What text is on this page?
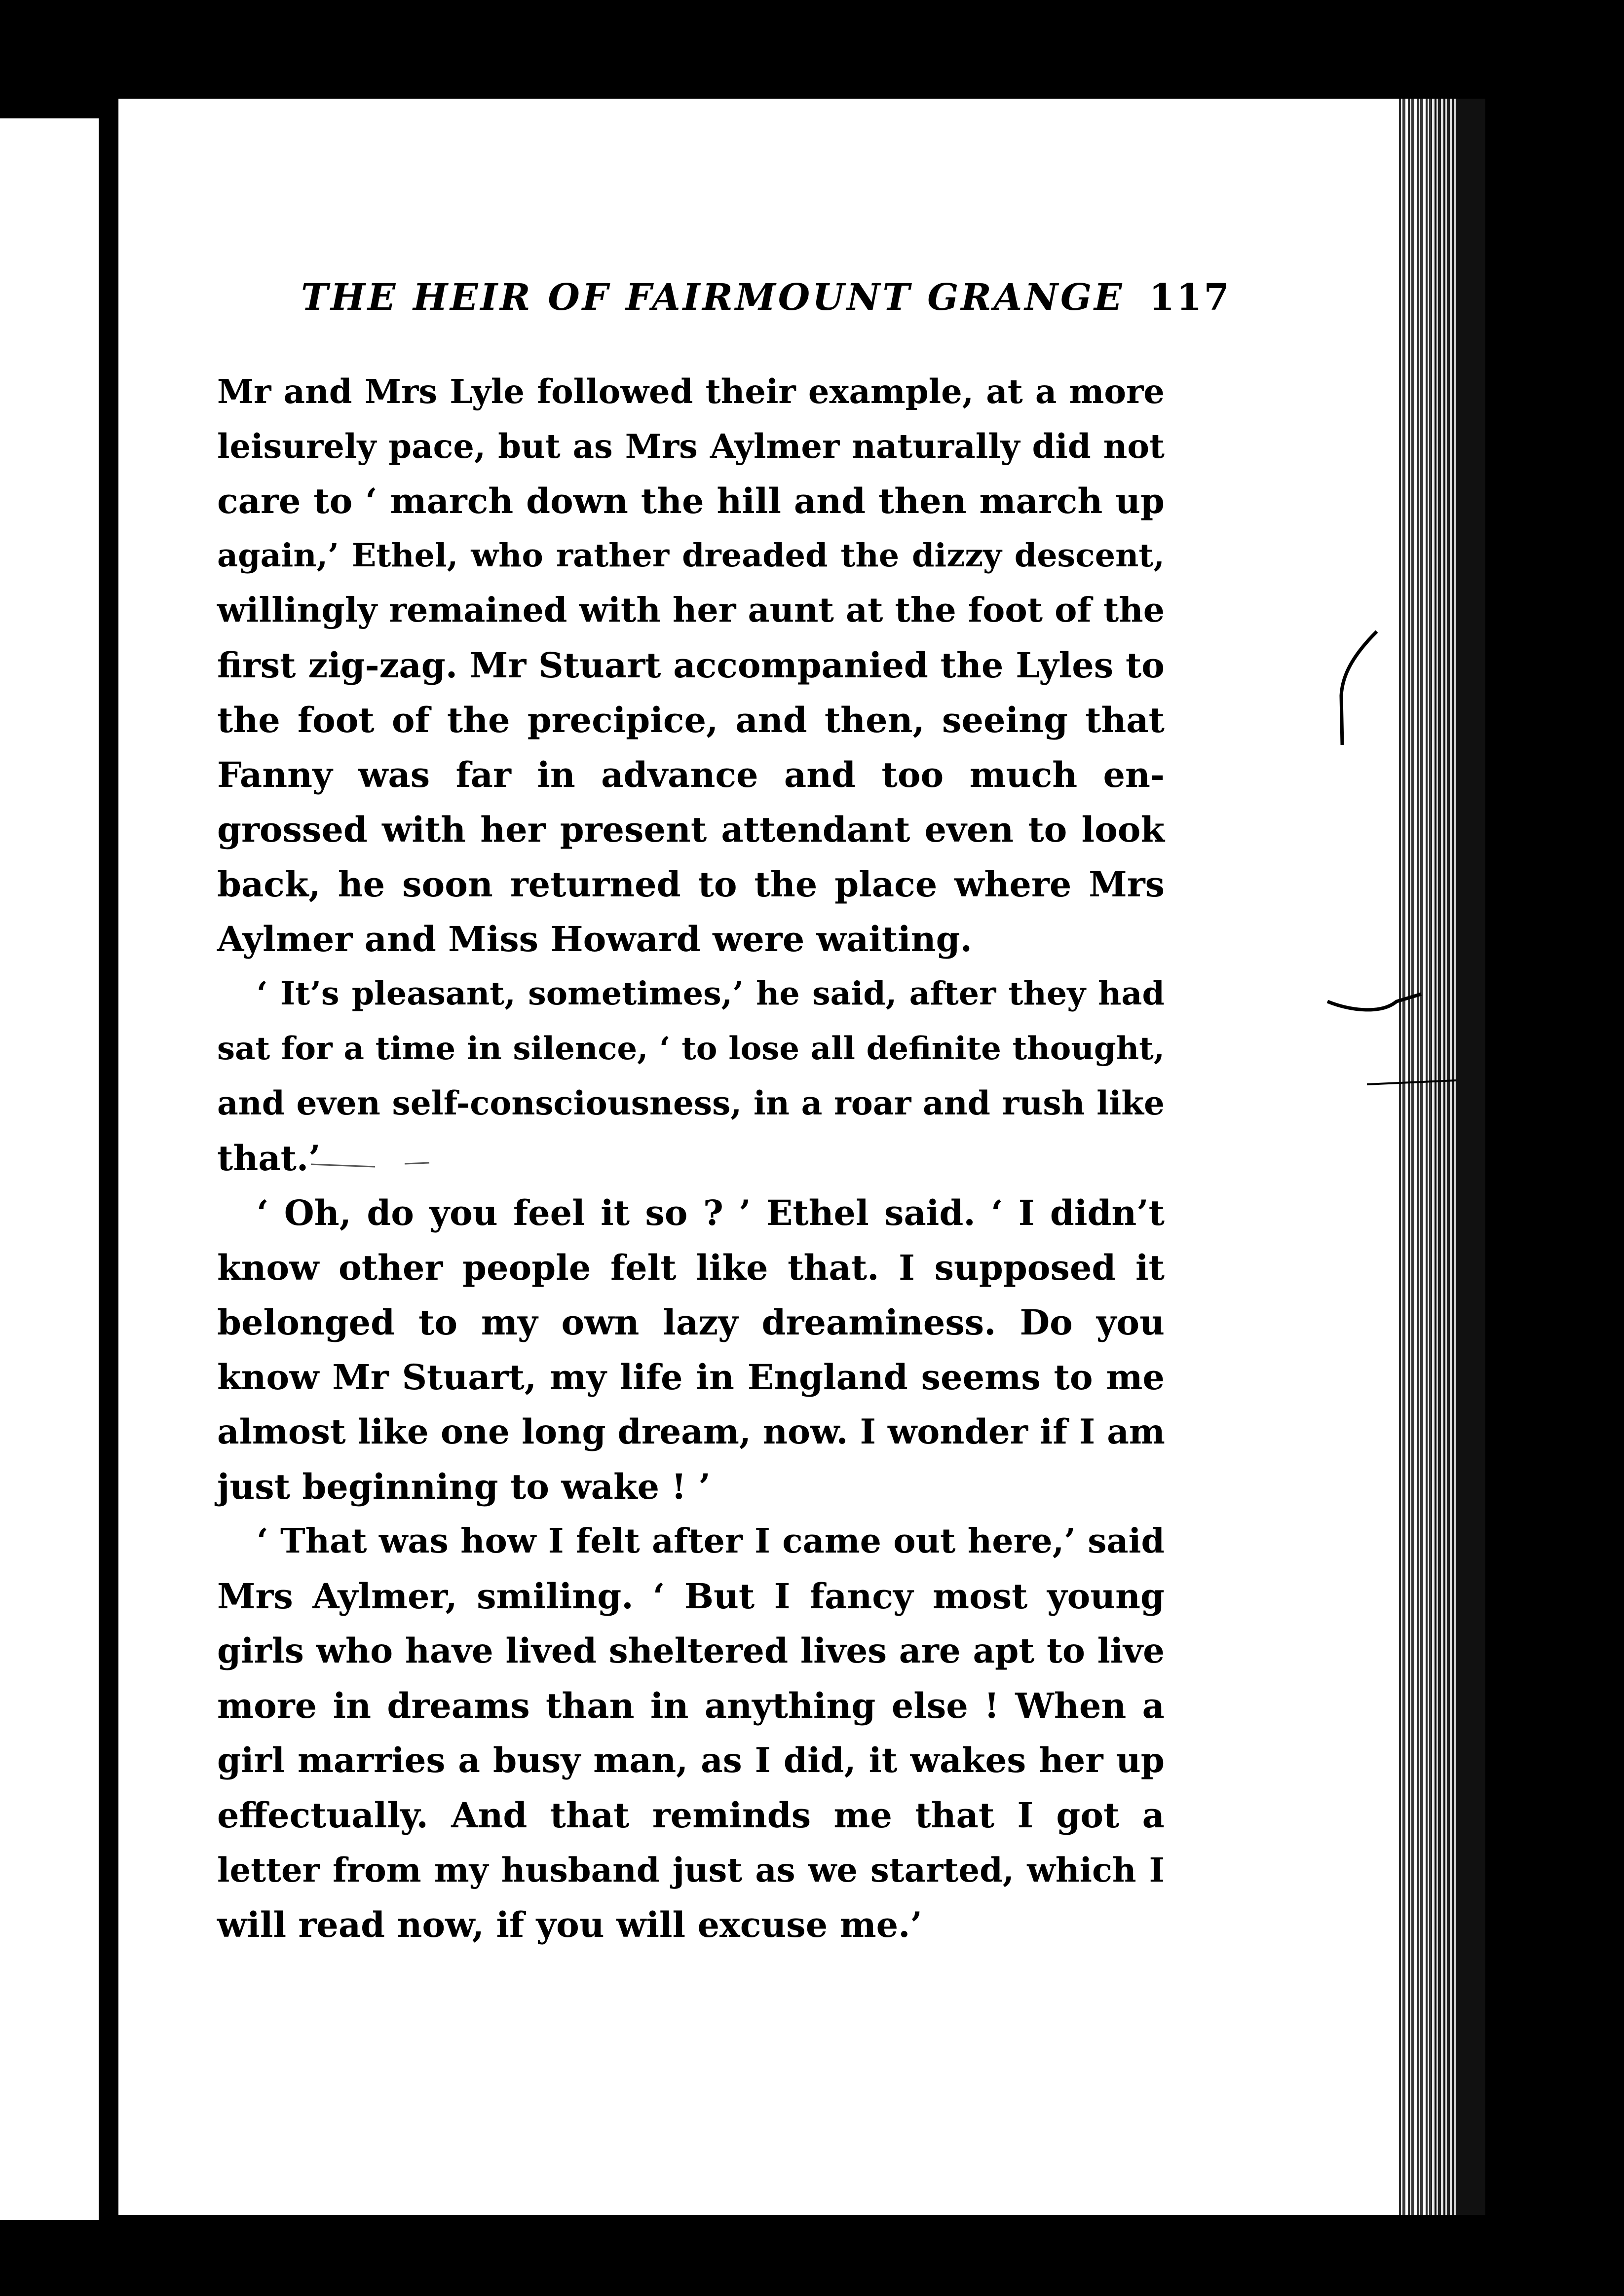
THE HEIR OF FAIRMOUNT GRANGE 117
Mr and Mrs Lyle followed their example, at a more
leisurely pace, but as Mrs Aylmer naturally did not
care to ‘ march down the hill and then march up
again,’ Ethel, who rather dreaded the dizzy descent,
willingly remained with her aunt at the foot of the
first zig-zag. Mr Stuart accompanied the Lyles to
the foot of the precipice, and then, seeing that
Fanny was far in advance and too much en-
grossed with her present attendant even to look
back, he soon returned to the place where Mrs
Aylmer and Miss Howard were waiting.
‘ It’s pleasant, sometimes,’ he said, after they had
sat for a time in silence, ‘ to lose all definite thought,
and even self-consciousness, in a roar and rush like
that.’
‘ Oh, do you feel it so ? ’ Ethel said. ‘ I didn’t
know other people felt like that. I supposed it
belonged to my own lazy dreaminess. Do you
know Mr Stuart, my life in England seems to me
almost like one long dream, now. I wonder if I am
just beginning to wake ! ’
‘ That was how I felt after I came out here,’ said
Mrs Aylmer, smiling. ‘ But I fancy most young
girls who have lived sheltered lives are apt to live
more in dreams than in anything else ! When a
girl marries a busy man, as I did, it wakes her up
effectually. And that reminds me that I got a
letter from my husband just as we started, which I
will read now, if you will excuse me.’
